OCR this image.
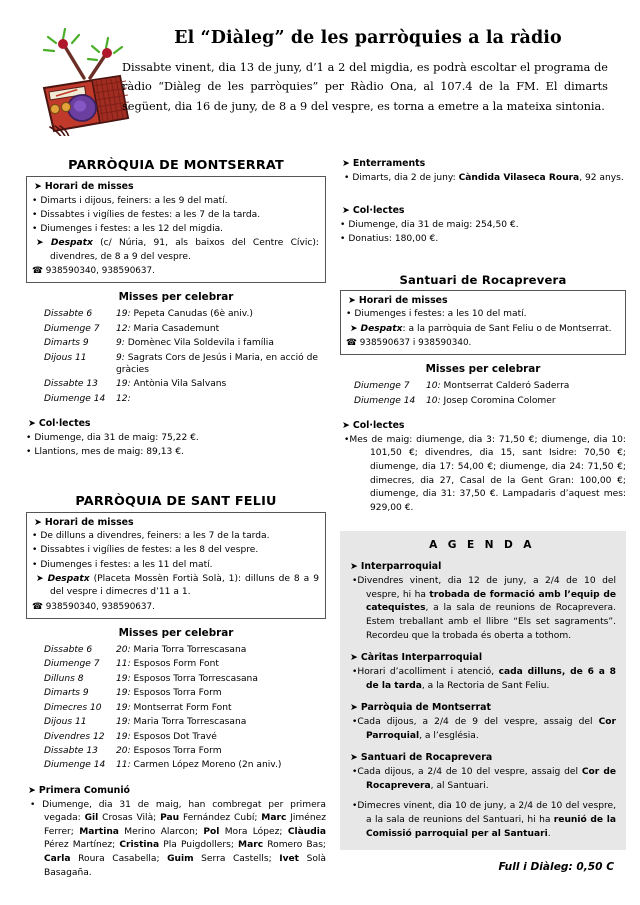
El “Diàleg” de les parròquies a la ràdio

Dissabte vinent, dia 13 de juny, d’1 a 2 del migdia, es podrà escoltar el programa de ràdio “Diàleg de les parròquies” per Ràdio Ona, al 107.4 de la FM. El dimarts següent, dia 16 de juny, de 8 a 9 del vespre, es torna a emetre a la mateixa sintonia.

PARRÒQUIA DE MONTSERRAT
➤ Horari de misses
• Dimarts i dijous, feiners: a les 9 del matí.
• Dissabtes i vigílies de festes: a les 7 de la tarda.
• Diumenges i festes: a les 12 del migdia.
➤ Despatx (c/ Núria, 91, als baixos del Centre Cívic): divendres, de 8 a 9 del vespre.
☎ 938590340, 938590637.
Misses per celebrar
Dissabte 6	19: Pepeta Canudas (6è aniv.)
Diumenge 7	12: Maria Casademunt
Dimarts 9	9: Domènec Vila Soldevila i família
Dijous 11	9: Sagrats Cors de Jesús i Maria, en acció de gràcies
Dissabte 13	19: Antònia Vila Salvans
Diumenge 14	12:
➤ Col·lectes
• Diumenge, dia 31 de maig: 75,22 €.
• Llantions, mes de maig: 89,13 €.
PARRÒQUIA DE SANT FELIU
➤ Horari de misses
• De dilluns a divendres, feiners: a les 7 de la tarda.
• Dissabtes i vigílies de festes: a les 8 del vespre.
• Diumenges i festes: a les 11 del matí.
➤ Despatx (Placeta Mossèn Fortià Solà, 1): dilluns de 8 a 9 del vespre i dimecres d’11 a 1.
☎ 938590340, 938590637.
Misses per celebrar
Dissabte 6	20: Maria Torra Torrescasana
Diumenge 7	11: Esposos Form Font
Dilluns 8	19: Esposos Torra Torrescasana
Dimarts 9	19: Esposos Torra Form
Dimecres 10	19: Montserrat Form Font
Dijous 11	19: Maria Torra Torrescasana
Divendres 12	19: Esposos Dot Travé
Dissabte 13	20: Esposos Torra Form
Diumenge 14	11: Carmen López Moreno (2n aniv.)
➤ Primera Comunió
• Diumenge, dia 31 de maig, han combregat per primera vegada: Gil Crosas Vilà; Pau Fernández Cubí; Marc Jiménez Ferrer; Martina Merino Alarcon; Pol Mora López; Clàudia Pérez Martínez; Cristina Pla Puigdollers; Marc Romero Bas; Carla Roura Casabella; Guim Serra Castells; Ivet Solà Basagaña.
➤ Enterraments
• Dimarts, dia 2 de juny: Càndida Vilaseca Roura, 92 anys.
➤ Col·lectes
• Diumenge, dia 31 de maig: 254,50 €.
• Donatius: 180,00 €.
Santuari de Rocaprevera
➤ Horari de misses
• Diumenges i festes: a les 10 del matí.
➤ Despatx: a la parròquia de Sant Feliu o de Montserrat.
☎ 938590637 i 938590340.
Misses per celebrar
Diumenge 7	10: Montserrat Calderó Saderra
Diumenge 14	10: Josep Coromina Colomer
➤ Col·lectes
•Mes de maig: diumenge, dia 3: 71,50 €; diumenge, dia 10: 101,50 €; divendres, dia 15, sant Isidre: 70,50 €; diumenge, dia 17: 54,00 €; diumenge, dia 24: 71,50 €; dimecres, dia 27, Casal de la Gent Gran: 100,00 €; diumenge, dia 31: 37,50 €. Lampadaris d’aquest mes: 929,00 €.
A G E N D A
➤ Interparroquial
•Divendres vinent, dia 12 de juny, a 2/4 de 10 del vespre, hi ha trobada de formació amb l’equip de catequistes, a la sala de reunions de Rocaprevera. Estem treballant amb el llibre “Els set sagraments”. Recordeu que la trobada és oberta a tothom.
➤ Càritas Interparroquial
•Horari d’acolliment i atenció, cada dilluns, de 6 a 8 de la tarda, a la Rectoria de Sant Feliu.
➤ Parròquia de Montserrat
•Cada dijous, a 2/4 de 9 del vespre, assaig del Cor Parroquial, a l’església.
➤ Santuari de Rocaprevera
•Cada dijous, a 2/4 de 10 del vespre, assaig del Cor de Rocaprevera, al Santuari.
•Dimecres vinent, dia 10 de juny, a 2/4 de 10 del vespre, a la sala de reunions del Santuari, hi ha reunió de la Comissió parroquial per al Santuari.
Full i Diàleg: 0,50 C
